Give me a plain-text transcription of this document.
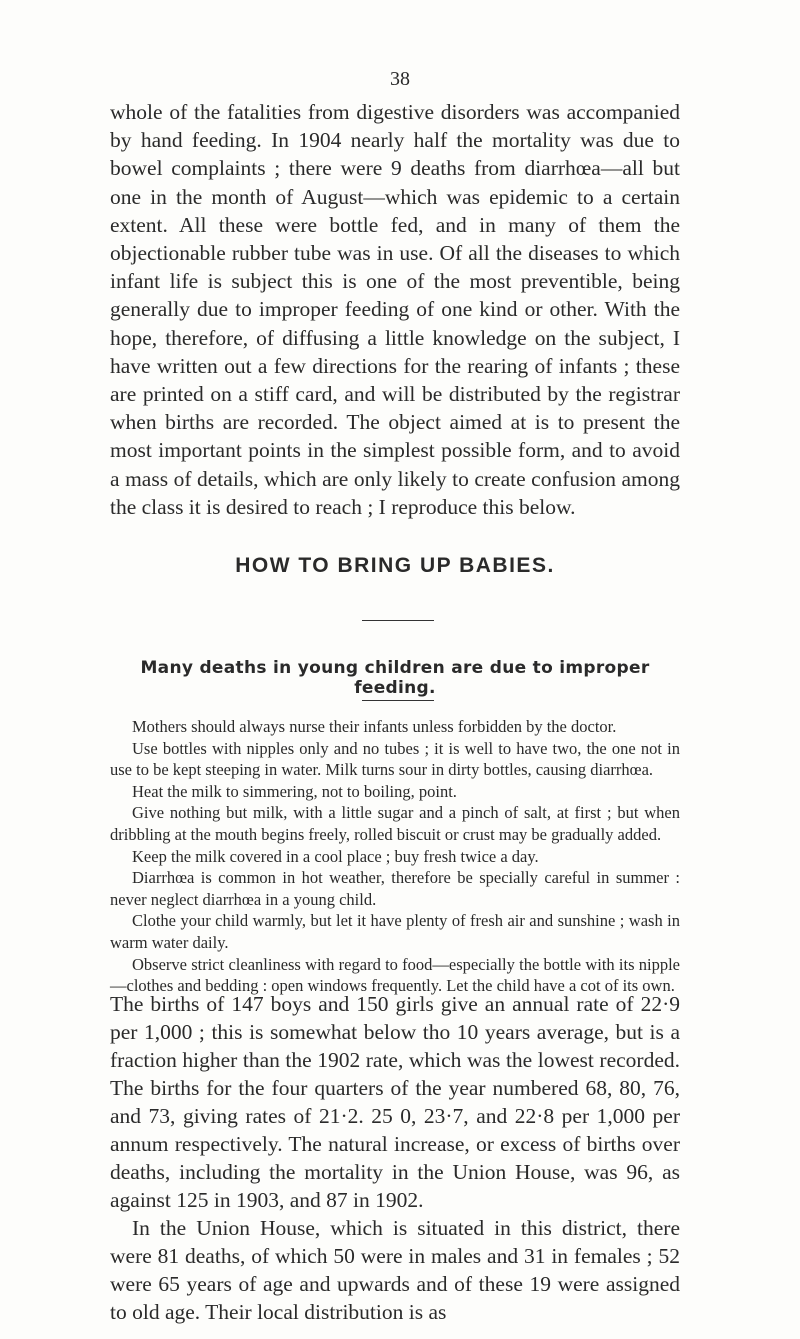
38

whole of the fatalities from digestive disorders was accompanied by hand feeding. In 1904 nearly half the mortality was due to bowel complaints ; there were 9 deaths from diarrhœa—all but one in the month of August—which was epidemic to a certain extent. All these were bottle fed, and in many of them the objectionable rubber tube was in use. Of all the diseases to which infant life is subject this is one of the most preventible, being generally due to improper feeding of one kind or other. With the hope, therefore, of diffusing a little knowledge on the subject, I have written out a few directions for the rearing of infants ; these are printed on a stiff card, and will be distributed by the registrar when births are recorded. The object aimed at is to present the most important points in the simplest possible form, and to avoid a mass of details, which are only likely to create confusion among the class it is desired to reach ; I reproduce this below.

HOW TO BRING UP BABIES.
Many deaths in young children are due to improper feeding.

Mothers should always nurse their infants unless forbidden by the doctor.

Use bottles with nipples only and no tubes ; it is well to have two, the one not in use to be kept steeping in water. Milk turns sour in dirty bottles, causing diarrhœa.

Heat the milk to simmering, not to boiling, point.

Give nothing but milk, with a little sugar and a pinch of salt, at first ; but when dribbling at the mouth begins freely, rolled biscuit or crust may be gradually added.

Keep the milk covered in a cool place ; buy fresh twice a day.

Diarrhœa is common in hot weather, therefore be specially careful in summer : never neglect diarrhœa in a young child.

Clothe your child warmly, but let it have plenty of fresh air and sunshine ; wash in warm water daily.

Observe strict cleanliness with regard to food—especially the bottle with its nipple—clothes and bedding : open windows frequently. Let the child have a cot of its own.

The births of 147 boys and 150 girls give an annual rate of 22·9 per 1,000 ; this is somewhat below tho 10 years average, but is a fraction higher than the 1902 rate, which was the lowest recorded. The births for the four quarters of the year numbered 68, 80, 76, and 73, giving rates of 21·2. 25 0, 23·7, and 22·8 per 1,000 per annum respectively. The natural increase, or excess of births over deaths, including the mortality in the Union House, was 96, as against 125 in 1903, and 87 in 1902.

In the Union House, which is situated in this district, there were 81 deaths, of which 50 were in males and 31 in females ; 52 were 65 years of age and upwards and of these 19 were assigned to old age. Their local distribution is as
